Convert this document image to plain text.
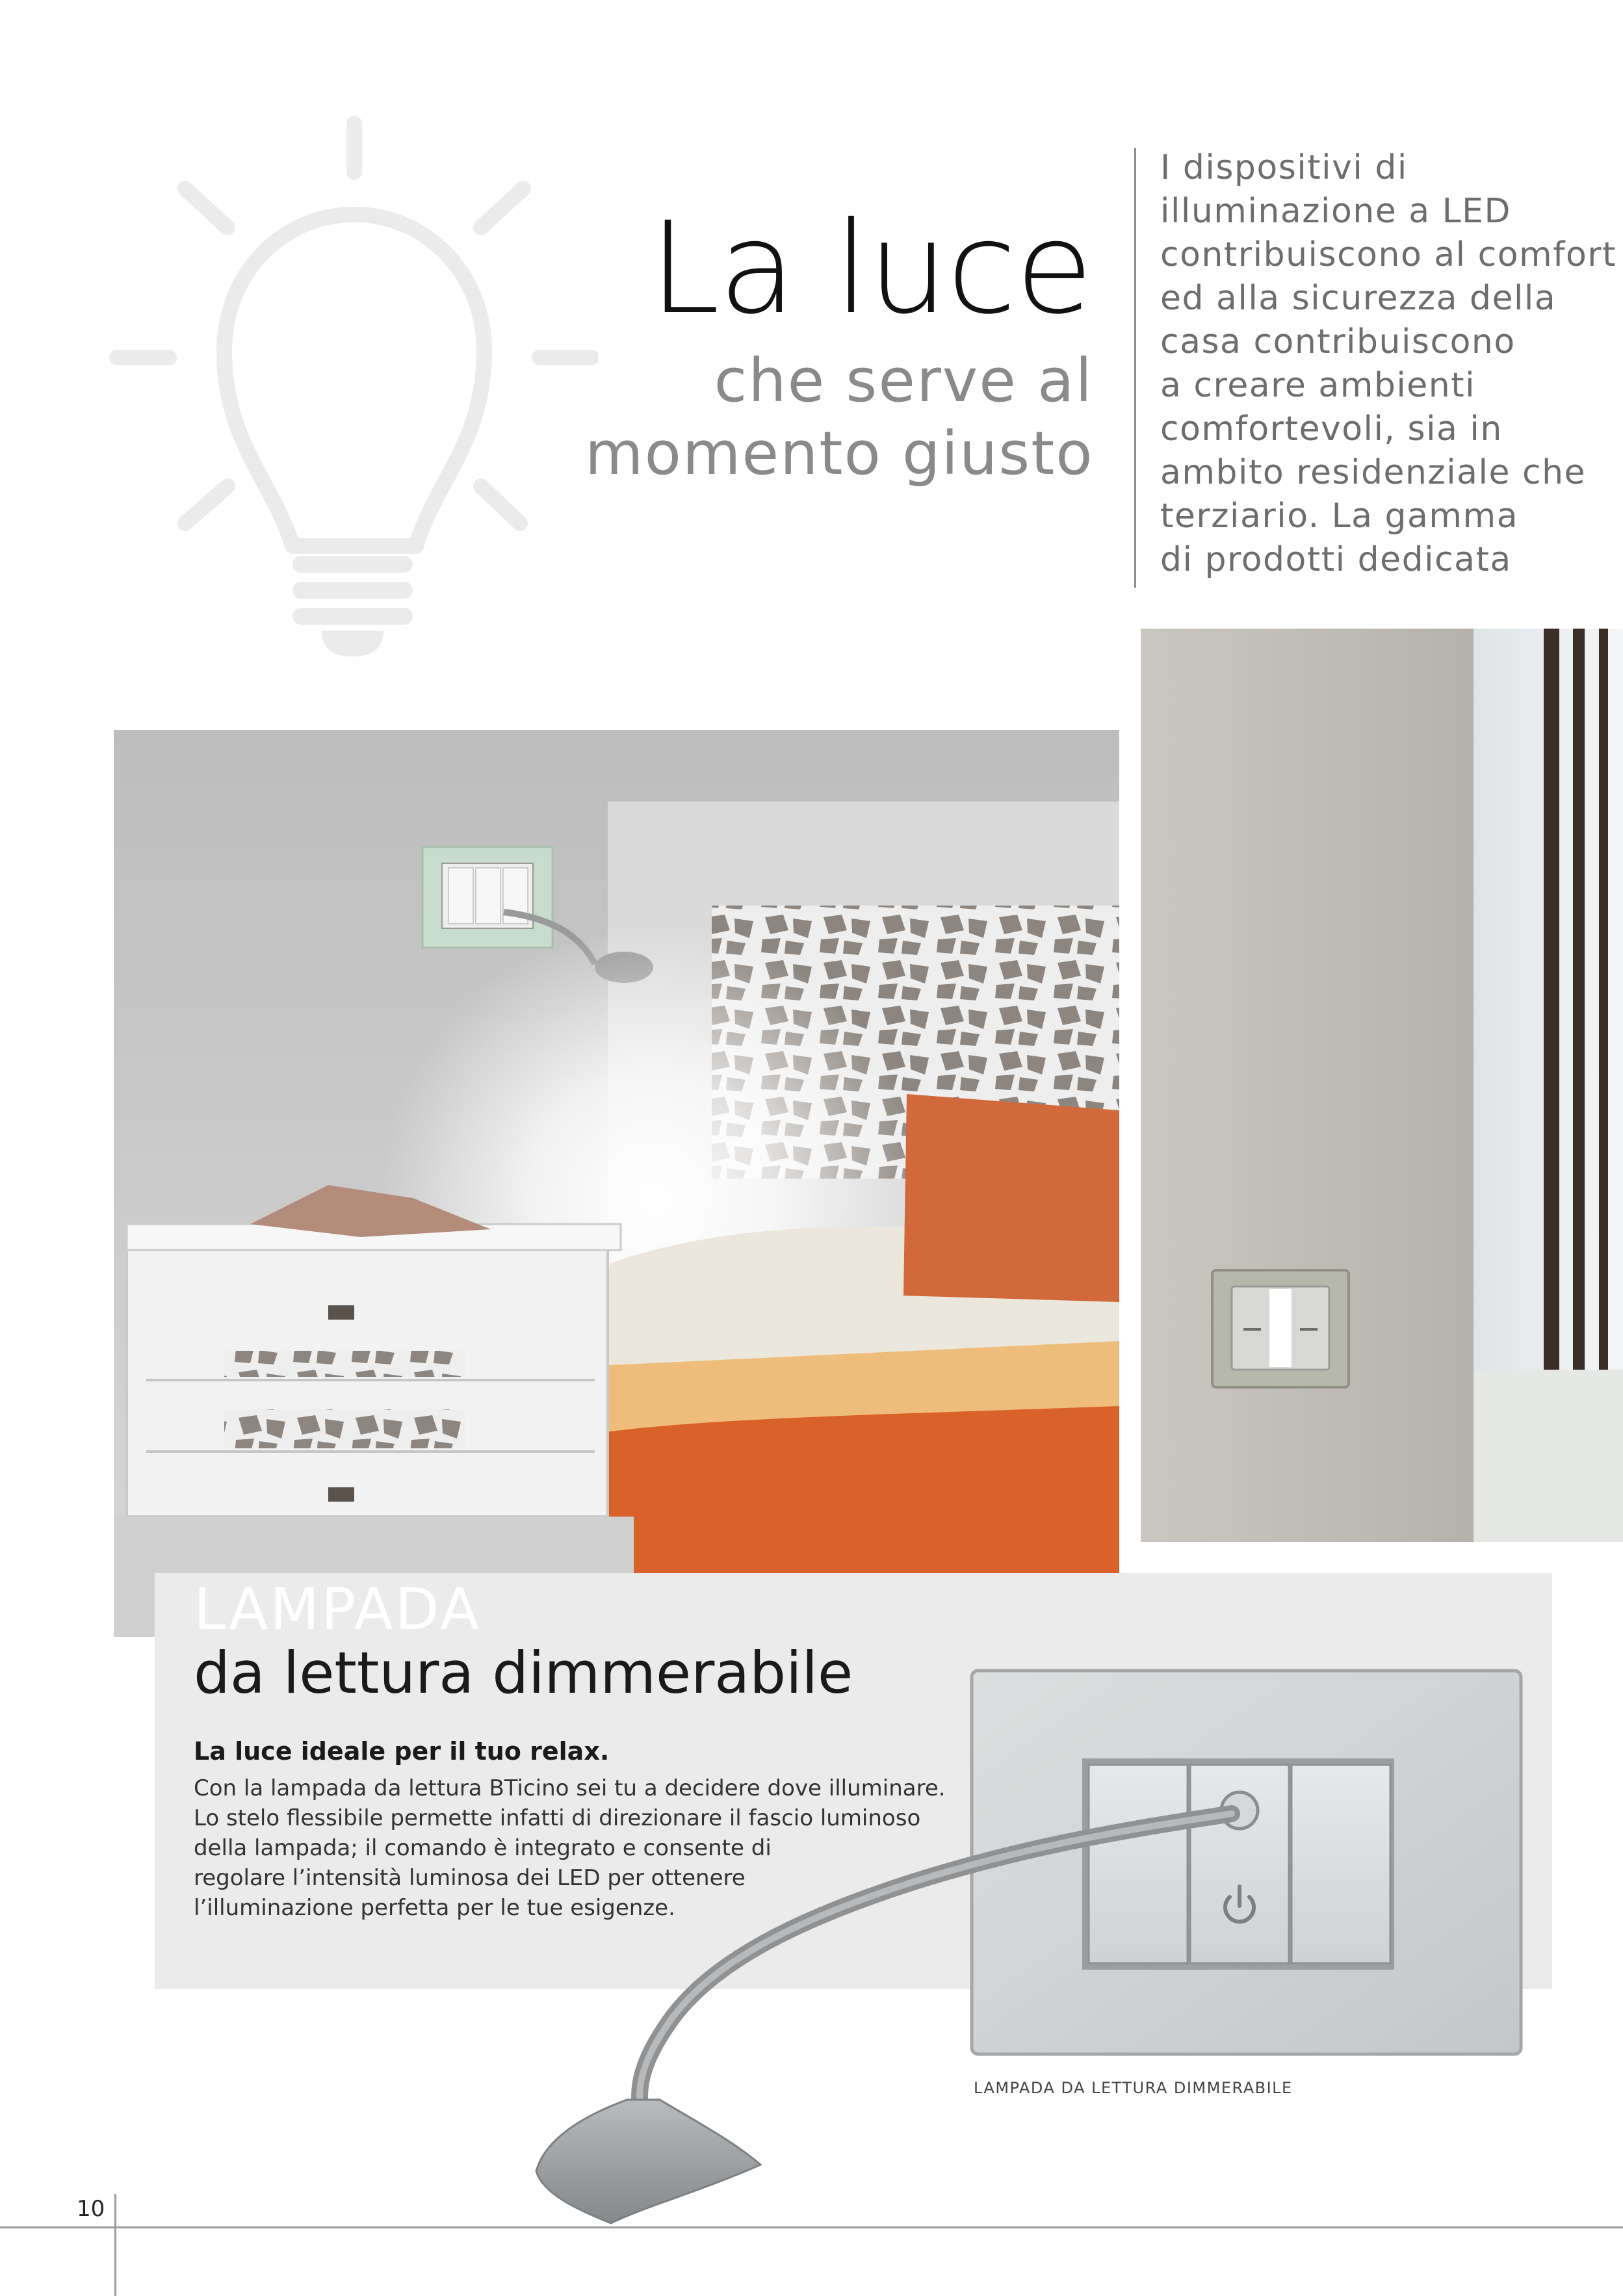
La luce
che serve al
momento giusto
I dispositivi di
illuminazione a LED
contribuiscono al comfort
ed alla sicurezza della
casa contribuiscono
a creare ambienti
comfortevoli, sia in
ambito residenziale che
terziario. La gamma
di prodotti dedicata
LAMPADA
da lettura dimmerabile
La luce ideale per il tuo relax.
Con la lampada da lettura BTicino sei tu a decidere dove illuminare.
Lo stelo flessibile permette infatti di direzionare il fascio luminoso
della lampada; il comando è integrato e consente di
regolare l’intensità luminosa dei LED per ottenere
l’illuminazione perfetta per le tue esigenze.
LAMPADA DA LETTURA DIMMERABILE
10
